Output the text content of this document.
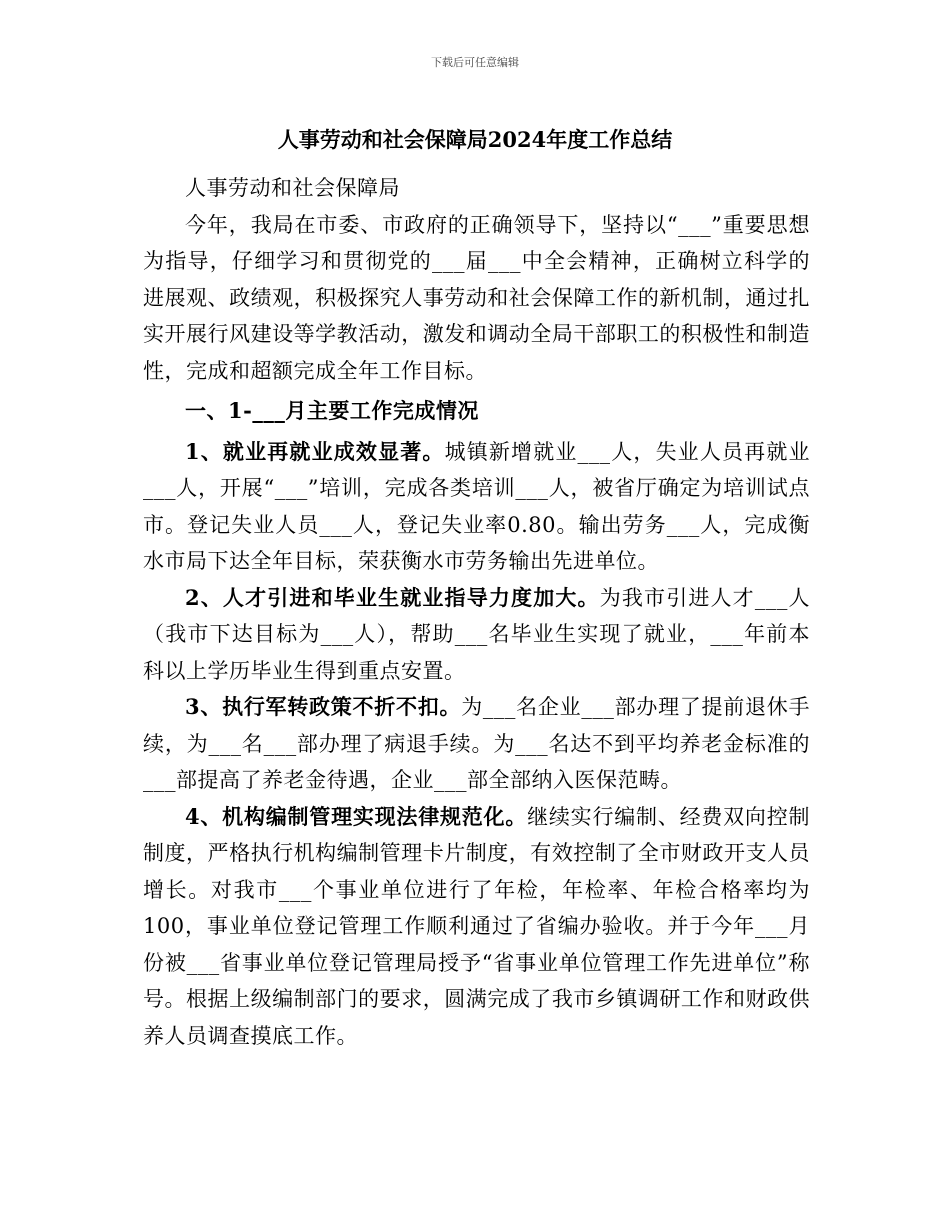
下载后可任意编辑
人事劳动和社会保障局2024年度工作总结

人事劳动和社会保障局

今年，我局在市委、市政府的正确领导下，坚持以“___”重要思想为指导，仔细学习和贯彻党的___届___中全会精神，正确树立科学的进展观、政绩观，积极探究人事劳动和社会保障工作的新机制，通过扎实开展行风建设等学教活动，激发和调动全局干部职工的积极性和制造性，完成和超额完成全年工作目标。

一、1-___月主要工作完成情况

1、就业再就业成效显著。城镇新增就业___人，失业人员再就业___人，开展“___”培训，完成各类培训___人，被省厅确定为培训试点市。登记失业人员___人，登记失业率0.80。输出劳务___人，完成衡水市局下达全年目标，荣获衡水市劳务输出先进单位。

2、人才引进和毕业生就业指导力度加大。为我市引进人才___人（我市下达目标为___人），帮助___名毕业生实现了就业，___年前本科以上学历毕业生得到重点安置。

3、执行军转政策不折不扣。为___名企业___部办理了提前退休手续，为___名___部办理了病退手续。为___名达不到平均养老金标准的___部提高了养老金待遇，企业___部全部纳入医保范畴。

4、机构编制管理实现法律规范化。继续实行编制、经费双向控制制度，严格执行机构编制管理卡片制度，有效控制了全市财政开支人员增长。对我市___个事业单位进行了年检，年检率、年检合格率均为100，事业单位登记管理工作顺利通过了省编办验收。并于今年___月份被___省事业单位登记管理局授予“省事业单位管理工作先进单位”称号。根据上级编制部门的要求，圆满完成了我市乡镇调研工作和财政供养人员调查摸底工作。
